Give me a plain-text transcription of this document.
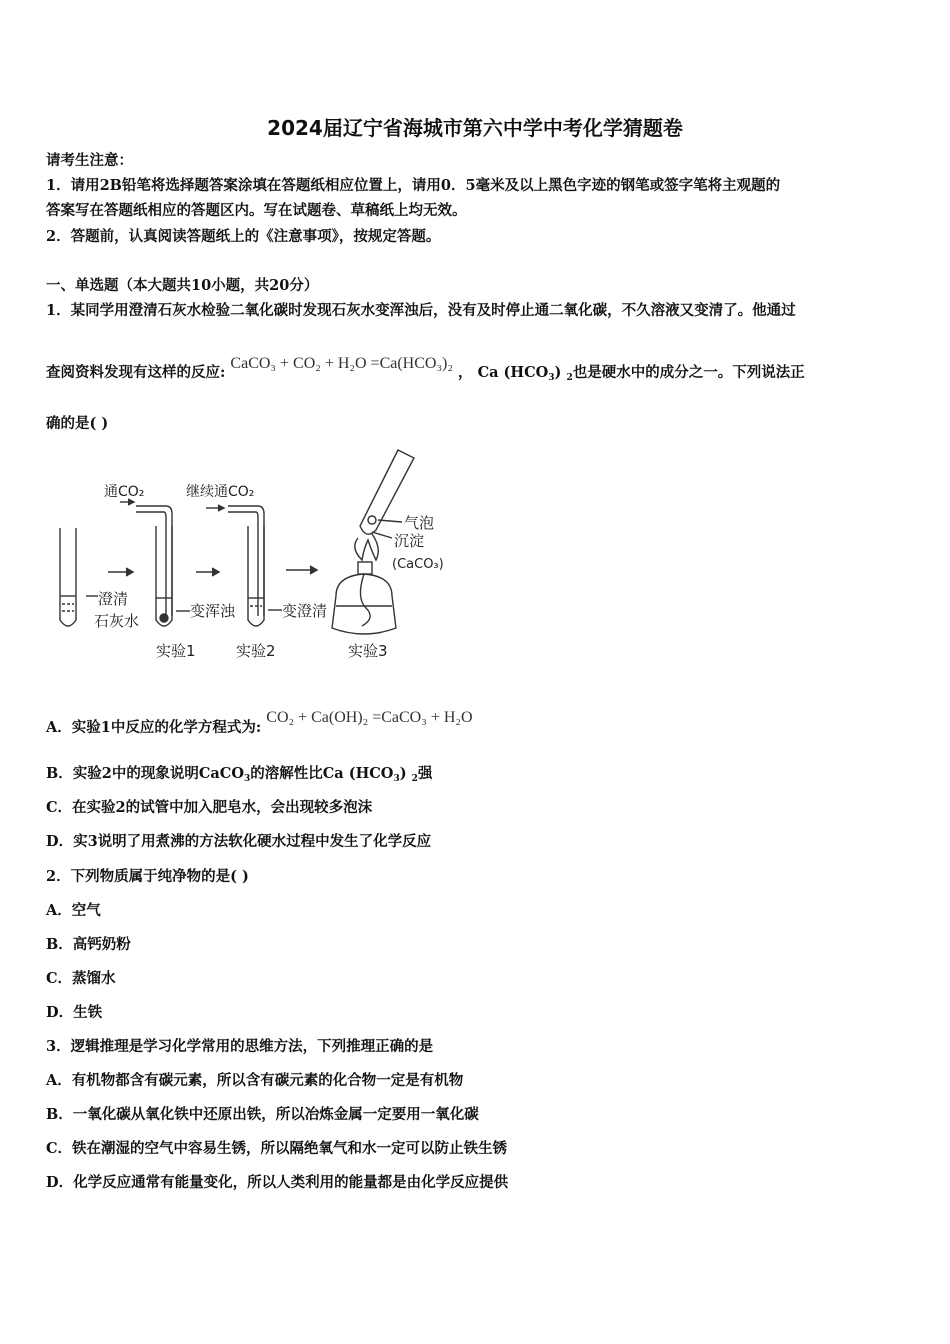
2024届辽宁省海城市第六中学中考化学猜题卷
请考生注意：
1．请用2B铅笔将选择题答案涂填在答题纸相应位置上，请用0．5毫米及以上黑色字迹的钢笔或签字笔将主观题的
答案写在答题纸相应的答题区内。写在试题卷、草稿纸上均无效。
2．答题前，认真阅读答题纸上的《注意事项》，按规定答题。
一、单选题（本大题共10小题，共20分）
1．某同学用澄清石灰水检验二氧化碳时发现石灰水变浑浊后，没有及时停止通二氧化碳，不久溶液又变清了。他通过
查阅资料发现有这样的反应: CaCO₃ + CO₂ + H₂O =Ca(HCO₃)₂ ， Ca $(HCO_3)$ $_2$也是硬水中的成分之一。下列说法正
确的是( )
通CO₂	继续通CO₂
澄清
石灰水
变浑浊	变澄清
气泡
沉淀
(CaCO₃)
实验1	实验2	实验3
A．实验1中反应的化学方程式为: CO₂ + Ca(OH)₂ =CaCO₃ + H₂O
B．实验2中的现象说明CaCO$_3$的溶解性比Ca $(HCO_3)$ $_2$强
C．在实验2的试管中加入肥皂水，会出现较多泡沫
D．实3说明了用煮沸的方法软化硬水过程中发生了化学反应
2．下列物质属于纯净物的是( )
A．空气
B．高钙奶粉
C．蒸馏水
D．生铁
3．逻辑推理是学习化学常用的思维方法，下列推理正确的是
A．有机物都含有碳元素，所以含有碳元素的化合物一定是有机物
B．一氧化碳从氧化铁中还原出铁，所以冶炼金属一定要用一氧化碳
C．铁在潮湿的空气中容易生锈，所以隔绝氧气和水一定可以防止铁生锈
D．化学反应通常有能量变化，所以人类利用的能量都是由化学反应提供
